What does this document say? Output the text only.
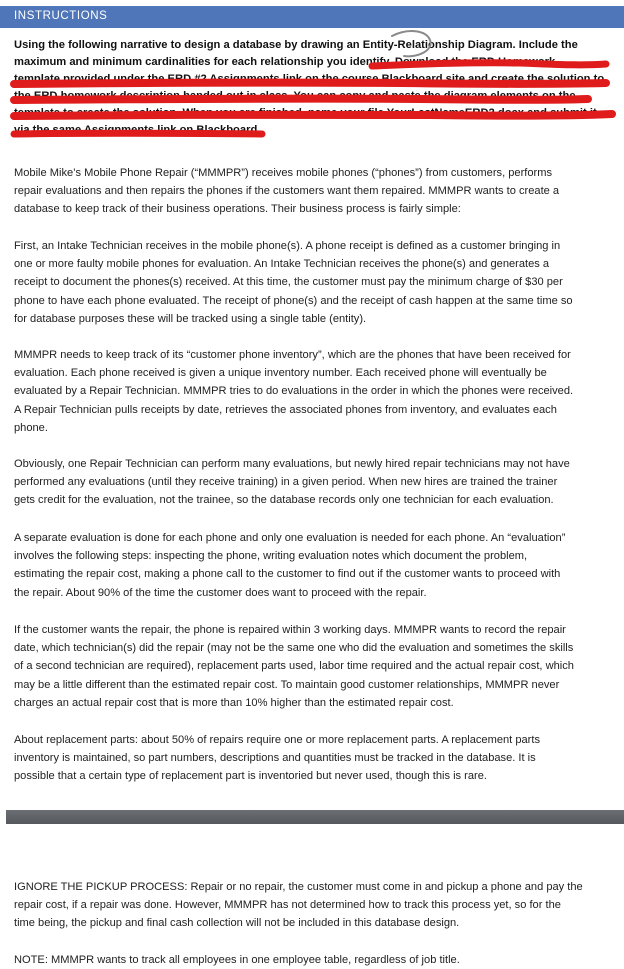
INSTRUCTIONS
Using the following narrative to design a database by drawing an Entity-Relationship Diagram. Include the
maximum and minimum cardinalities for each relationship you identify. Download the ERD Homework
template provided under the ERD #2 Assignments link on the course Blackboard site and create the solution to
the ERD homework description handed out in class. You can copy and paste the diagram elements on the
template to create the solution. When you are finished, name your file YourLastNameERD2.docx and submit it
via the same Assignments link on Blackboard.
Mobile Mike’s Mobile Phone Repair (“MMMPR”) receives mobile phones (“phones”) from customers, performs
repair evaluations and then repairs the phones if the customers want them repaired. MMMPR wants to create a
database to keep track of their business operations. Their business process is fairly simple:
First, an Intake Technician receives in the mobile phone(s). A phone receipt is defined as a customer bringing in
one or more faulty mobile phones for evaluation. An Intake Technician receives the phone(s) and generates a
receipt to document the phones(s) received. At this time, the customer must pay the minimum charge of $30 per
phone to have each phone evaluated. The receipt of phone(s) and the receipt of cash happen at the same time so
for database purposes these will be tracked using a single table (entity).
MMMPR needs to keep track of its “customer phone inventory”, which are the phones that have been received for
evaluation. Each phone received is given a unique inventory number. Each received phone will eventually be
evaluated by a Repair Technician. MMMPR tries to do evaluations in the order in which the phones were received.
A Repair Technician pulls receipts by date, retrieves the associated phones from inventory, and evaluates each
phone.
Obviously, one Repair Technician can perform many evaluations, but newly hired repair technicians may not have
performed any evaluations (until they receive training) in a given period. When new hires are trained the trainer
gets credit for the evaluation, not the trainee, so the database records only one technician for each evaluation.
A separate evaluation is done for each phone and only one evaluation is needed for each phone. An “evaluation”
involves the following steps: inspecting the phone, writing evaluation notes which document the problem,
estimating the repair cost, making a phone call to the customer to find out if the customer wants to proceed with
the repair. About 90% of the time the customer does want to proceed with the repair.
If the customer wants the repair, the phone is repaired within 3 working days. MMMPR wants to record the repair
date, which technician(s) did the repair (may not be the same one who did the evaluation and sometimes the skills
of a second technician are required), replacement parts used, labor time required and the actual repair cost, which
may be a little different than the estimated repair cost. To maintain good customer relationships, MMMPR never
charges an actual repair cost that is more than 10% higher than the estimated repair cost.
About replacement parts: about 50% of repairs require one or more replacement parts. A replacement parts
inventory is maintained, so part numbers, descriptions and quantities must be tracked in the database. It is
possible that a certain type of replacement part is inventoried but never used, though this is rare.
IGNORE THE PICKUP PROCESS: Repair or no repair, the customer must come in and pickup a phone and pay the
repair cost, if a repair was done. However, MMMPR has not determined how to track this process yet, so for the
time being, the pickup and final cash collection will not be included in this database design.
NOTE: MMMPR wants to track all employees in one employee table, regardless of job title.
